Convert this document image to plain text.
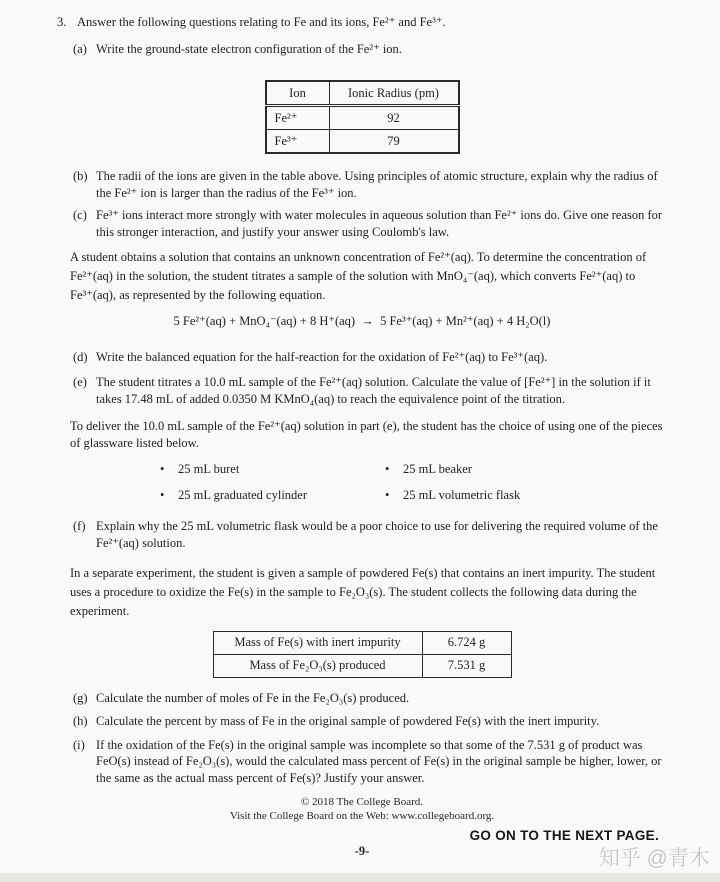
3. Answer the following questions relating to Fe and its ions, Fe²⁺ and Fe³⁺.
(a) Write the ground-state electron configuration of the Fe²⁺ ion.
Ion	Ionic Radius (pm)
Fe²⁺	92
Fe³⁺	79
(b) The radii of the ions are given in the table above. Using principles of atomic structure, explain why the radius of the Fe²⁺ ion is larger than the radius of the Fe³⁺ ion.
(c) Fe³⁺ ions interact more strongly with water molecules in aqueous solution than Fe²⁺ ions do. Give one reason for this stronger interaction, and justify your answer using Coulomb's law.
A student obtains a solution that contains an unknown concentration of Fe²⁺(aq). To determine the concentration of Fe²⁺(aq) in the solution, the student titrates a sample of the solution with MnO₄⁻(aq), which converts Fe²⁺(aq) to Fe³⁺(aq), as represented by the following equation.
5 Fe²⁺(aq) + MnO₄⁻(aq) + 8 H⁺(aq)  →  5 Fe³⁺(aq) + Mn²⁺(aq) + 4 H₂O(l)
(d) Write the balanced equation for the half-reaction for the oxidation of Fe²⁺(aq) to Fe³⁺(aq).
(e) The student titrates a 10.0 mL sample of the Fe²⁺(aq) solution. Calculate the value of [Fe²⁺] in the solution if it takes 17.48 mL of added 0.0350 M KMnO₄(aq) to reach the equivalence point of the titration.
To deliver the 10.0 mL sample of the Fe²⁺(aq) solution in part (e), the student has the choice of using one of the pieces of glassware listed below.
•
25 mL buret •	25 mL beaker
•
25 mL graduated cylinder •	25 mL volumetric flask
(f) Explain why the 25 mL volumetric flask would be a poor choice to use for delivering the required volume of the Fe²⁺(aq) solution.
In a separate experiment, the student is given a sample of powdered Fe(s) that contains an inert impurity. The student uses a procedure to oxidize the Fe(s) in the sample to Fe₂O₃(s). The student collects the following data during the experiment.
Mass of Fe(s) with inert impurity	6.724 g
Mass of Fe₂O₃(s) produced	7.531 g
(g) Calculate the number of moles of Fe in the Fe₂O₃(s) produced.
(h) Calculate the percent by mass of Fe in the original sample of powdered Fe(s) with the inert impurity.
(i) If the oxidation of the Fe(s) in the original sample was incomplete so that some of the 7.531 g of product was FeO(s) instead of Fe₂O₃(s), would the calculated mass percent of Fe(s) in the original sample be higher, lower, or the same as the actual mass percent of Fe(s)? Justify your answer.
© 2018 The College Board.
Visit the College Board on the Web: www.collegeboard.org.
GO ON TO THE NEXT PAGE.
-9-	知乎 @青木
